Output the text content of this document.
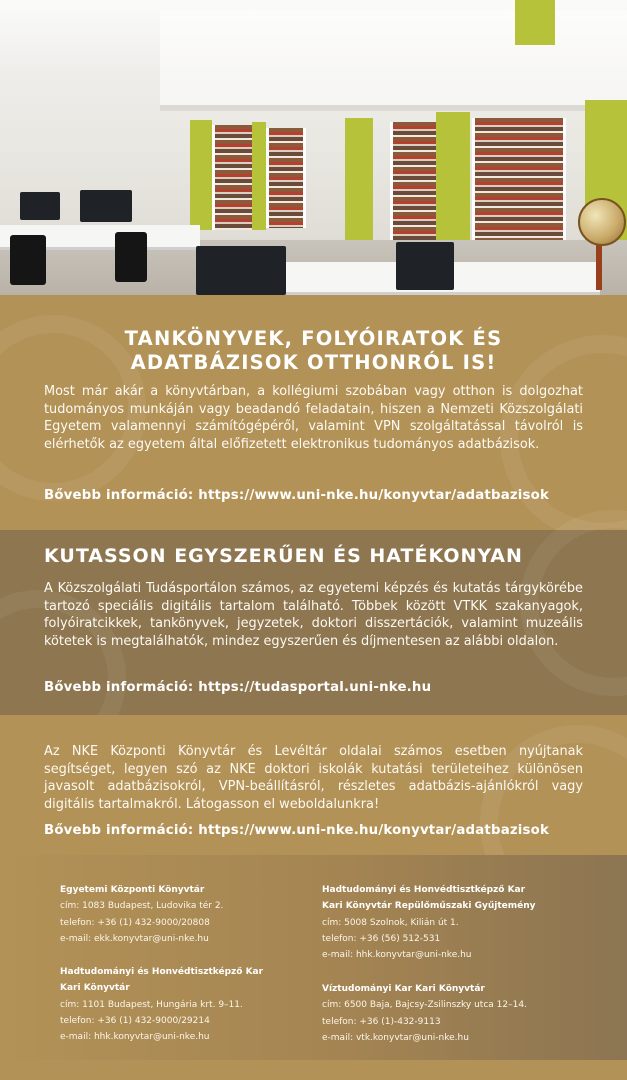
TANKÖNYVEK, FOLYÓIRATOK ÉS
ADATBÁZISOK OTTHONRÓL IS!

Most már akár a könyvtárban, a kollégiumi szobában vagy otthon is dolgozhat tudományos munkáján vagy beadandó feladatain, hiszen a Nemzeti Közszolgálati Egyetem valamennyi számítógépéről, valamint VPN szolgáltatással távolról is elérhetők az egyetem által előfizetett elektronikus tudományos adatbázisok.

Bővebb információ: https://www.uni-nke.hu/konyvtar/adatbazisok

KUTASSON EGYSZERŰEN ÉS HATÉKONYAN

A Közszolgálati Tudásportálon számos, az egyetemi képzés és kutatás tárgykörébe tartozó speciális digitális tartalom található. Többek között VTKK szakanyagok, folyóiratcikkek, tankönyvek, jegyzetek, doktori disszertációk, valamint muzeális kötetek is megtalálhatók, mindez egyszerűen és díjmentesen az alábbi oldalon.

Bővebb információ: https://tudasportal.uni-nke.hu

Az NKE Központi Könyvtár és Levéltár oldalai számos esetben nyújtanak segítséget, legyen szó az NKE doktori iskolák kutatási területeihez különösen javasolt adatbázisokról, VPN-beállításról, részletes adatbázis-ajánlókról vagy digitális tartalmakról. Látogasson el weboldalunkra!

Bővebb információ: https://www.uni-nke.hu/konyvtar/adatbazisok

Egyetemi Központi Könyvtár
cím: 1083 Budapest, Ludovika tér 2.
telefon: +36 (1) 432-9000/20808
e-mail: ekk.konyvtar@uni-nke.hu
Hadtudományi és Honvédtisztképző Kar
Kari Könyvtár
cím: 1101 Budapest, Hungária krt. 9–11.
telefon: +36 (1) 432-9000/29214
e-mail: hhk.konyvtar@uni-nke.hu
Hadtudományi és Honvédtisztképző Kar
Kari Könyvtár Repülőműszaki Gyűjtemény
cím: 5008 Szolnok, Kilián út 1.
telefon: +36 (56) 512-531
e-mail: hhk.konyvtar@uni-nke.hu
Víztudományi Kar Kari Könyvtár
cím: 6500 Baja, Bajcsy-Zsilinszky utca 12–14.
telefon: +36 (1)-432-9113
e-mail: vtk.konyvtar@uni-nke.hu
